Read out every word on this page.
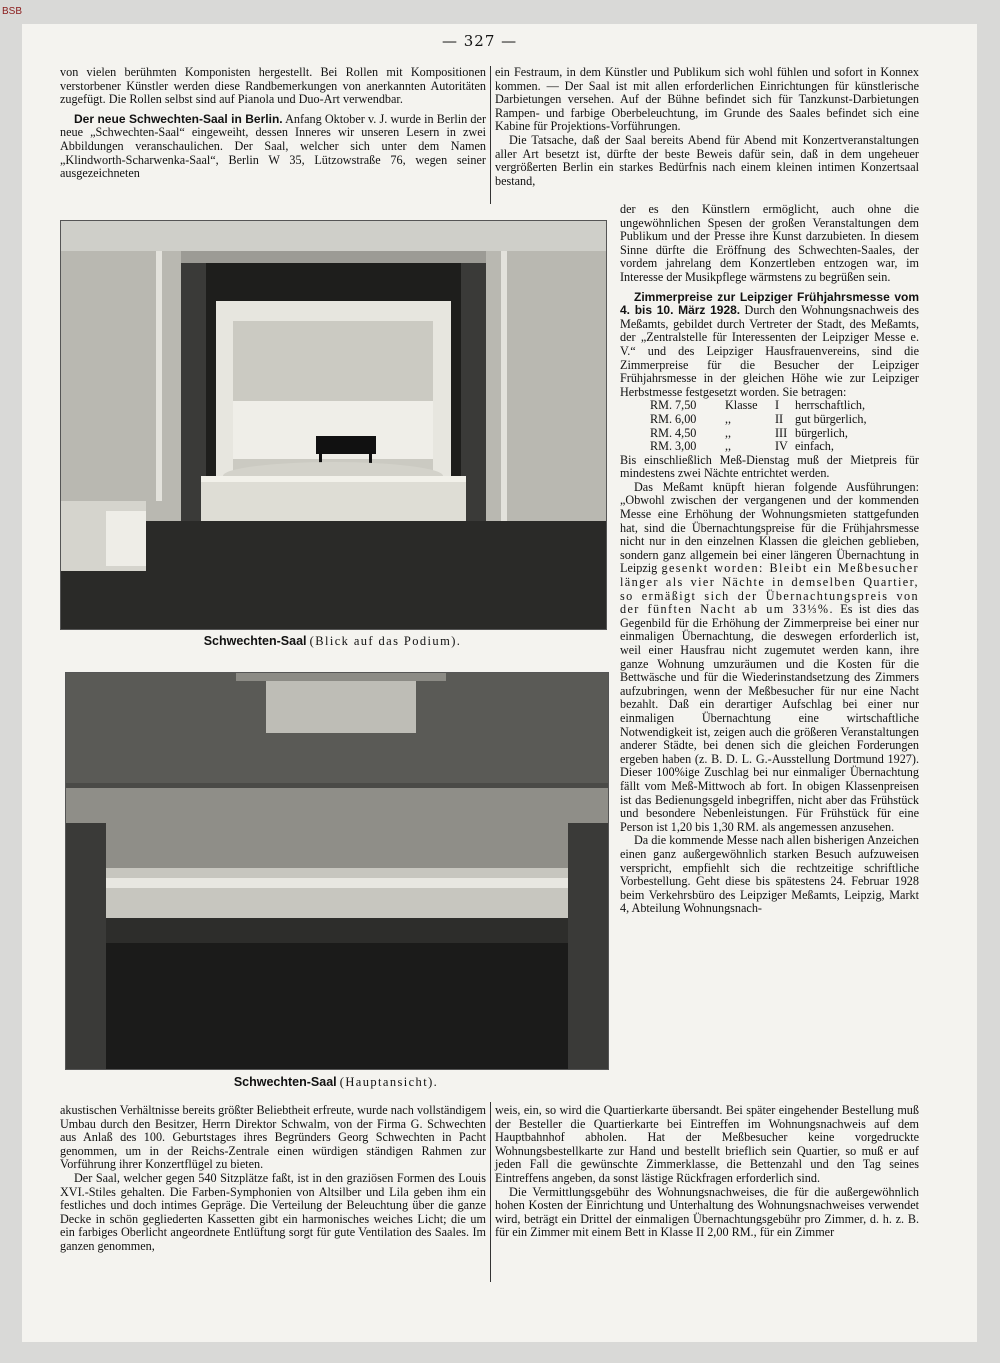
BSB
— 327 —

von vielen berühmten Komponisten hergestellt. Bei Rollen mit Kompositionen verstorbener Künstler werden diese Randbemerkungen von anerkannten Autoritäten zugefügt. Die Rollen selbst sind auf Pianola und Duo-Art verwendbar.

Der neue Schwechten-Saal in Berlin. Anfang Oktober v. J. wurde in Berlin der neue „Schwechten-Saal“ eingeweiht, dessen Inneres wir unseren Lesern in zwei Abbildungen veranschaulichen. Der Saal, welcher sich unter dem Namen „Klindworth-Scharwenka-Saal“, Berlin W 35, Lützowstraße 76, wegen seiner ausgezeichneten

ein Festraum, in dem Künstler und Publikum sich wohl fühlen und sofort in Konnex kommen. — Der Saal ist mit allen erforderlichen Einrichtungen für künstlerische Darbietungen versehen. Auf der Bühne befindet sich für Tanzkunst-Darbietungen Rampen- und farbige Oberbeleuchtung, im Grunde des Saales befindet sich eine Kabine für Projektions-Vorführungen.

Die Tatsache, daß der Saal bereits Abend für Abend mit Konzertveranstaltungen aller Art besetzt ist, dürfte der beste Beweis dafür sein, daß in dem ungeheuer vergrößerten Berlin ein starkes Bedürfnis nach einem kleinen intimen Konzertsaal bestand,

Schwechten-Saal (Blick auf das Podium).
Schwechten-Saal (Hauptansicht).

der es den Künstlern ermöglicht, auch ohne die ungewöhnlichen Spesen der großen Veranstaltungen dem Publikum und der Presse ihre Kunst darzubieten. In diesem Sinne dürfte die Eröffnung des Schwechten-Saales, der vordem jahrelang dem Konzertleben entzogen war, im Interesse der Musikpflege wärmstens zu begrüßen sein.

Zimmerpreise zur Leipziger Frühjahrsmesse vom 4. bis 10. März 1928. Durch den Wohnungsnachweis des Meßamts, gebildet durch Vertreter der Stadt, des Meßamts, der „Zentralstelle für Interessenten der Leipziger Messe e. V.“ und des Leipziger Hausfrauenvereins, sind die Zimmerpreise für die Besucher der Leipziger Frühjahrsmesse in der gleichen Höhe wie zur Leipziger Herbstmesse festgesetzt worden. Sie betragen:

RM. 7,50	Klasse	I	herrschaftlich,
RM. 6,00	,,	II gut bürgerlich,
RM. 4,50	,,	III bürgerlich,
RM. 3,00	,,	IV einfach,

Bis einschließlich Meß-Dienstag muß der Mietpreis für mindestens zwei Nächte entrichtet werden.

Das Meßamt knüpft hieran folgende Ausführungen: „Obwohl zwischen der vergangenen und der kommenden Messe eine Erhöhung der Wohnungsmieten stattgefunden hat, sind die Übernachtungspreise für die Frühjahrsmesse nicht nur in den einzelnen Klassen die gleichen geblieben, sondern ganz allgemein bei einer längeren Übernachtung in Leipzig gesenkt worden: Bleibt ein Meßbesucher länger als vier Nächte in demselben Quartier, so ermäßigt sich der Übernachtungspreis von der fünften Nacht ab um 33⅓%. Es ist dies das Gegenbild für die Erhöhung der Zimmerpreise bei einer nur einmaligen Übernachtung, die deswegen erforderlich ist, weil einer Hausfrau nicht zugemutet werden kann, ihre ganze Wohnung umzuräumen und die Kosten für die Bettwäsche und für die Wiederinstandsetzung des Zimmers aufzubringen, wenn der Meßbesucher für nur eine Nacht bezahlt. Daß ein derartiger Aufschlag bei einer nur einmaligen Übernachtung eine wirtschaftliche Notwendigkeit ist, zeigen auch die größeren Veranstaltungen anderer Städte, bei denen sich die gleichen Forderungen ergeben haben (z. B. D. L. G.-Ausstellung Dortmund 1927). Dieser 100%ige Zuschlag bei nur einmaliger Übernachtung fällt vom Meß-Mittwoch ab fort. In obigen Klassenpreisen ist das Bedienungsgeld inbegriffen, nicht aber das Frühstück und besondere Nebenleistungen. Für Frühstück für eine Person ist 1,20 bis 1,30 RM. als angemessen anzusehen.

Da die kommende Messe nach allen bisherigen Anzeichen einen ganz außergewöhnlich starken Besuch aufzuweisen verspricht, empfiehlt sich die rechtzeitige schriftliche Vorbestellung. Geht diese bis spätestens 24. Februar 1928 beim Verkehrsbüro des Leipziger Meßamts, Leipzig, Markt 4, Abteilung Wohnungsnach-

akustischen Verhältnisse bereits größter Beliebtheit erfreute, wurde nach vollständigem Umbau durch den Besitzer, Herrn Direktor Schwalm, von der Firma G. Schwechten aus Anlaß des 100. Geburtstages ihres Begründers Georg Schwechten in Pacht genommen, um in der Reichs-Zentrale einen würdigen ständigen Rahmen zur Vorführung ihrer Konzertflügel zu bieten.

Der Saal, welcher gegen 540 Sitzplätze faßt, ist in den graziösen Formen des Louis XVI.-Stiles gehalten. Die Farben-Symphonien von Altsilber und Lila geben ihm ein festliches und doch intimes Gepräge. Die Verteilung der Beleuchtung über die ganze Decke in schön gegliederten Kassetten gibt ein harmonisches weiches Licht; die um ein farbiges Oberlicht angeordnete Entlüftung sorgt für gute Ventilation des Saales. Im ganzen genommen,

weis, ein, so wird die Quartierkarte übersandt. Bei später eingehender Bestellung muß der Besteller die Quartierkarte bei Eintreffen im Wohnungsnachweis auf dem Hauptbahnhof abholen. Hat der Meßbesucher keine vorgedruckte Wohnungsbestellkarte zur Hand und bestellt brieflich sein Quartier, so muß er auf jeden Fall die gewünschte Zimmerklasse, die Bettenzahl und den Tag seines Eintreffens angeben, da sonst lästige Rückfragen erforderlich sind.

Die Vermittlungsgebühr des Wohnungsnachweises, die für die außergewöhnlich hohen Kosten der Einrichtung und Unterhaltung des Wohnungsnachweises verwendet wird, beträgt ein Drittel der einmaligen Übernachtungsgebühr pro Zimmer, d. h. z. B. für ein Zimmer mit einem Bett in Klasse II 2,00 RM., für ein Zimmer
